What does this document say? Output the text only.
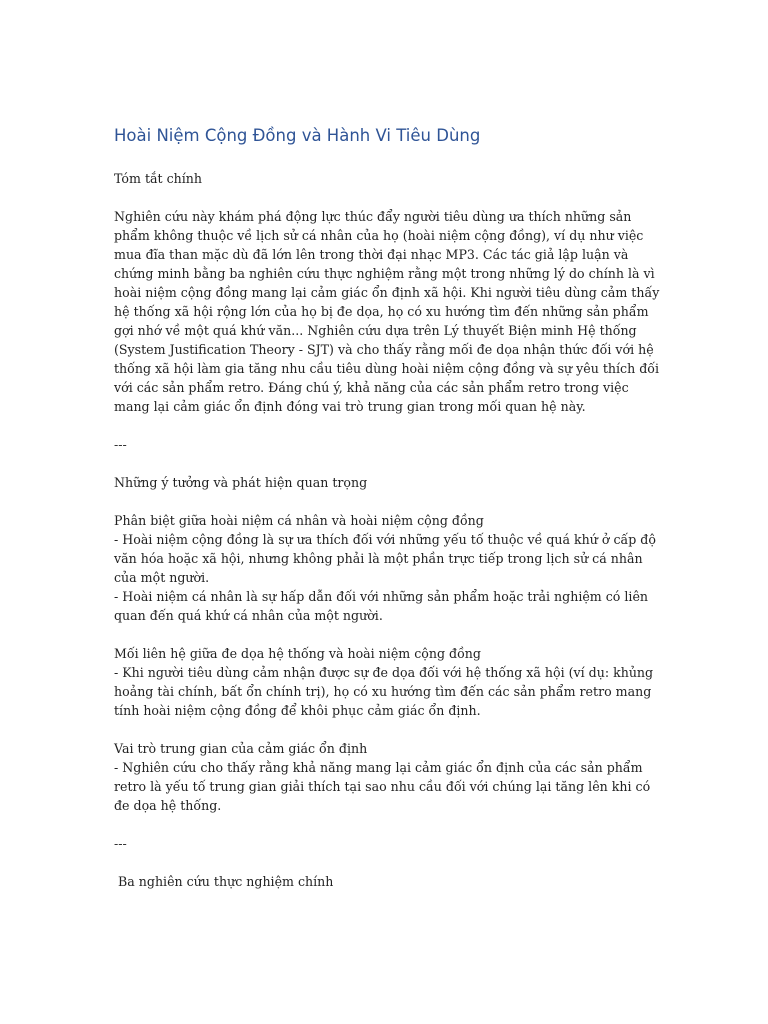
Hoài Niệm Cộng Đồng và Hành Vi Tiêu Dùng

Tóm tắt chính

Nghiên cứu này khám phá động lực thúc đẩy người tiêu dùng ưa thích những sản phẩm không thuộc về lịch sử cá nhân của họ (hoài niệm cộng đồng), ví dụ như việc mua đĩa than mặc dù đã lớn lên trong thời đại nhạc MP3. Các tác giả lập luận và chứng minh bằng ba nghiên cứu thực nghiệm rằng một trong những lý do chính là vì hoài niệm cộng đồng mang lại cảm giác ổn định xã hội. Khi người tiêu dùng cảm thấy hệ thống xã hội rộng lớn của họ bị đe dọa, họ có xu hướng tìm đến những sản phẩm gợi nhớ về một quá khứ văn... Nghiên cứu dựa trên Lý thuyết Biện minh Hệ thống (System Justification Theory - SJT) và cho thấy rằng mối đe dọa nhận thức đối với hệ thống xã hội làm gia tăng nhu cầu tiêu dùng hoài niệm cộng đồng và sự yêu thích đối với các sản phẩm retro. Đáng chú ý, khả năng của các sản phẩm retro trong việc mang lại cảm giác ổn định đóng vai trò trung gian trong mối quan hệ này.

---

Những ý tưởng và phát hiện quan trọng

Phân biệt giữa hoài niệm cá nhân và hoài niệm cộng đồng

- Hoài niệm cộng đồng là sự ưa thích đối với những yếu tố thuộc về quá khứ ở cấp độ văn hóa hoặc xã hội, nhưng không phải là một phần trực tiếp trong lịch sử cá nhân của một người.

- Hoài niệm cá nhân là sự hấp dẫn đối với những sản phẩm hoặc trải nghiệm có liên quan đến quá khứ cá nhân của một người.

Mối liên hệ giữa đe dọa hệ thống và hoài niệm cộng đồng

- Khi người tiêu dùng cảm nhận được sự đe dọa đối với hệ thống xã hội (ví dụ: khủng hoảng tài chính, bất ổn chính trị), họ có xu hướng tìm đến các sản phẩm retro mang tính hoài niệm cộng đồng để khôi phục cảm giác ổn định.

Vai trò trung gian của cảm giác ổn định

- Nghiên cứu cho thấy rằng khả năng mang lại cảm giác ổn định của các sản phẩm retro là yếu tố trung gian giải thích tại sao nhu cầu đối với chúng lại tăng lên khi có đe dọa hệ thống.

---

Ba nghiên cứu thực nghiệm chính
